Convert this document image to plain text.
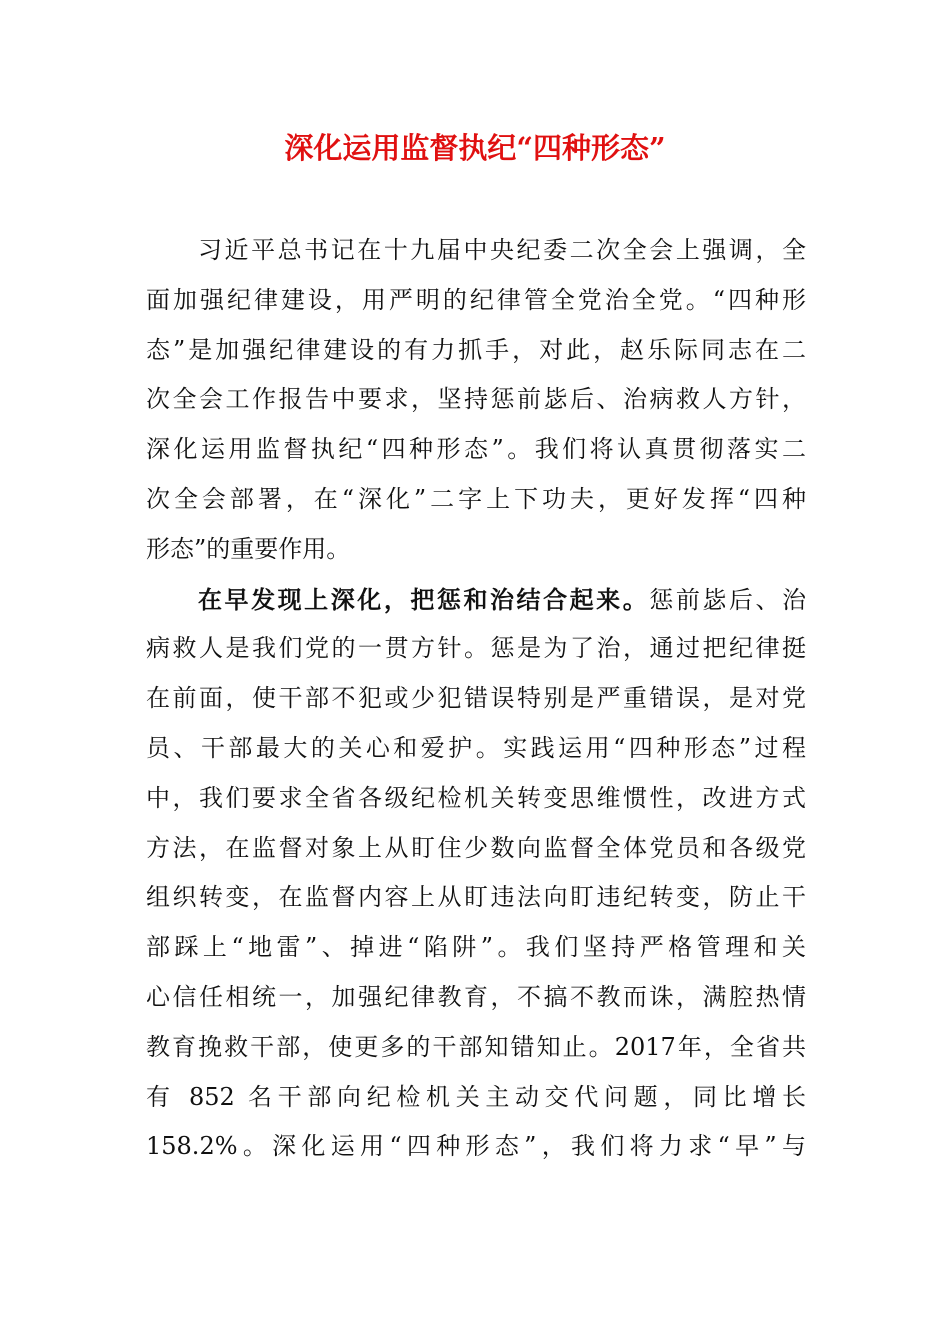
深化运用监督执纪“四种形态”
习近平总书记在十九届中央纪委二次全会上强调，全
面加强纪律建设，用严明的纪律管全党治全党。“四种形
态”是加强纪律建设的有力抓手，对此，赵乐际同志在二
次全会工作报告中要求，坚持惩前毖后、治病救人方针，
深化运用监督执纪“四种形态”。我们将认真贯彻落实二
次全会部署，在“深化”二字上下功夫，更好发挥“四种
形态”的重要作用。
在早发现上深化，把惩和治结合起来。惩前毖后、治
病救人是我们党的一贯方针。惩是为了治，通过把纪律挺
在前面，使干部不犯或少犯错误特别是严重错误，是对党
员、干部最大的关心和爱护。实践运用“四种形态”过程
中，我们要求全省各级纪检机关转变思维惯性，改进方式
方法，在监督对象上从盯住少数向监督全体党员和各级党
组织转变，在监督内容上从盯违法向盯违纪转变，防止干
部踩上“地雷”、掉进“陷阱”。我们坚持严格管理和关
心信任相统一，加强纪律教育，不搞不教而诛，满腔热情
教育挽救干部，使更多的干部知错知止。2017年，全省共
有 852 名干部向纪检机关主动交代问题，同比增长
158.2%。深化运用“四种形态”，我们将力求“早”与
